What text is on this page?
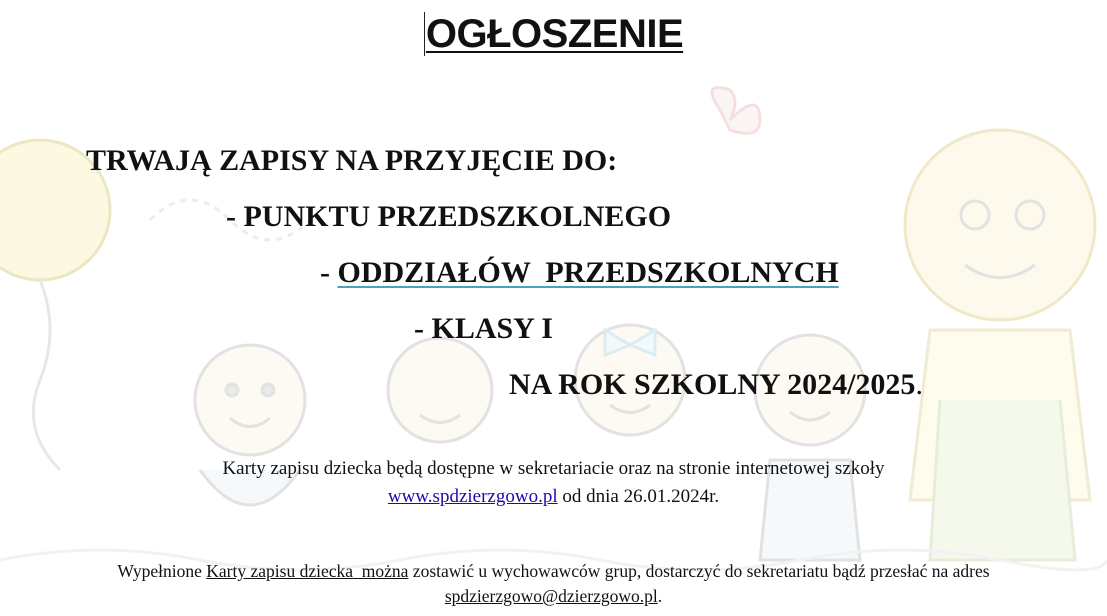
OGŁOSZENIE
TRWAJĄ ZAPISY NA PRZYJĘCIE DO:
- PUNKTU PRZEDSZKOLNEGO
- ODDZIAŁÓW  PRZEDSZKOLNYCH
- KLASY I
NA ROK SZKOLNY 2024/2025.
Karty zapisu dziecka będą dostępne w sekretariacie oraz na stronie internetowej szkoły
www.spdzierzgowo.pl od dnia 26.01.2024r.
Wypełnione Karty zapisu dziecka  można zostawić u wychowawców grup, dostarczyć do sekretariatu bądź przesłać na adres
spdzierzgowo@dzierzgowo.pl.
